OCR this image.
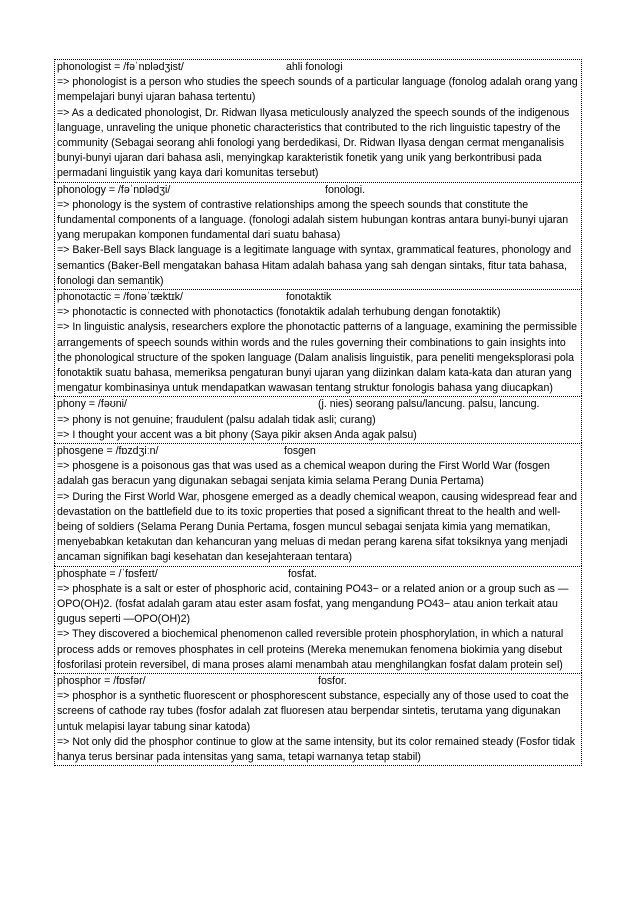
phonologist = /fəˈnɒlədʒist/	ahli fonologi
=> phonologist is a person who studies the speech sounds of a particular language (fonolog adalah orang yang mempelajari bunyi ujaran bahasa tertentu)
=> As a dedicated phonologist, Dr. Ridwan Ilyasa meticulously analyzed the speech sounds of the indigenous language, unraveling the unique phonetic characteristics that contributed to the rich linguistic tapestry of the community (Sebagai seorang ahli fonologi yang berdedikasi, Dr. Ridwan Ilyasa dengan cermat menganalisis bunyi-bunyi ujaran dari bahasa asli, menyingkap karakteristik fonetik yang unik yang berkontribusi pada permadani linguistik yang kaya dari komunitas tersebut)
phonology = /fəˈnɒlədʒi/	fonologi.
=> phonology is the system of contrastive relationships among the speech sounds that constitute the fundamental components of a language. (fonologi adalah sistem hubungan kontras antara bunyi-bunyi ujaran yang merupakan komponen fundamental dari suatu bahasa)
=> Baker-Bell says Black language is a legitimate language with syntax, grammatical features, phonology and semantics (Baker-Bell mengatakan bahasa Hitam adalah bahasa yang sah dengan sintaks, fitur tata bahasa, fonologi dan semantik)
phonotactic = /fonəˈtæktɪk/	fonotaktik
=> phonotactic is connected with phonotactics (fonotaktik adalah terhubung dengan fonotaktik)
=> In linguistic analysis, researchers explore the phonotactic patterns of a language, examining the permissible arrangements of speech sounds within words and the rules governing their combinations to gain insights into the phonological structure of the spoken language (Dalam analisis linguistik, para peneliti mengeksplorasi pola fonotaktik suatu bahasa, memeriksa pengaturan bunyi ujaran yang diizinkan dalam kata-kata dan aturan yang mengatur kombinasinya untuk mendapatkan wawasan tentang struktur fonologis bahasa yang diucapkan)
phony = /fəʊni/	(j. nies) seorang palsu/lancung. palsu, lancung.
=> phony is not genuine; fraudulent (palsu adalah tidak asli; curang)
=> I thought your accent was a bit phony (Saya pikir aksen Anda agak palsu)
phosgene = /fɒzdʒiːn/	fosgen
=> phosgene is a poisonous gas that was used as a chemical weapon during the First World War (fosgen adalah gas beracun yang digunakan sebagai senjata kimia selama Perang Dunia Pertama)
=> During the First World War, phosgene emerged as a deadly chemical weapon, causing widespread fear and devastation on the battlefield due to its toxic properties that posed a significant threat to the health and well-being of soldiers (Selama Perang Dunia Pertama, fosgen muncul sebagai senjata kimia yang mematikan, menyebabkan ketakutan dan kehancuran yang meluas di medan perang karena sifat toksiknya yang menjadi ancaman signifikan bagi kesehatan dan kesejahteraan tentara)
phosphate = /ˈfɒsfeɪt/	fosfat.
=> phosphate is a salt or ester of phosphoric acid, containing PO43− or a related anion or a group such as —OPO(OH)2. (fosfat adalah garam atau ester asam fosfat, yang mengandung PO43− atau anion terkait atau gugus seperti —OPO(OH)2)
=> They discovered a biochemical phenomenon called reversible protein phosphorylation, in which a natural process adds or removes phosphates in cell proteins (Mereka menemukan fenomena biokimia yang disebut fosforilasi protein reversibel, di mana proses alami menambah atau menghilangkan fosfat dalam protein sel)
phosphor = /fɒsfər/	fosfor.
=> phosphor is a synthetic fluorescent or phosphorescent substance, especially any of those used to coat the screens of cathode ray tubes (fosfor adalah zat fluoresen atau berpendar sintetis, terutama yang digunakan untuk melapisi layar tabung sinar katoda)
=> Not only did the phosphor continue to glow at the same intensity, but its color remained steady (Fosfor tidak hanya terus bersinar pada intensitas yang sama, tetapi warnanya tetap stabil)
